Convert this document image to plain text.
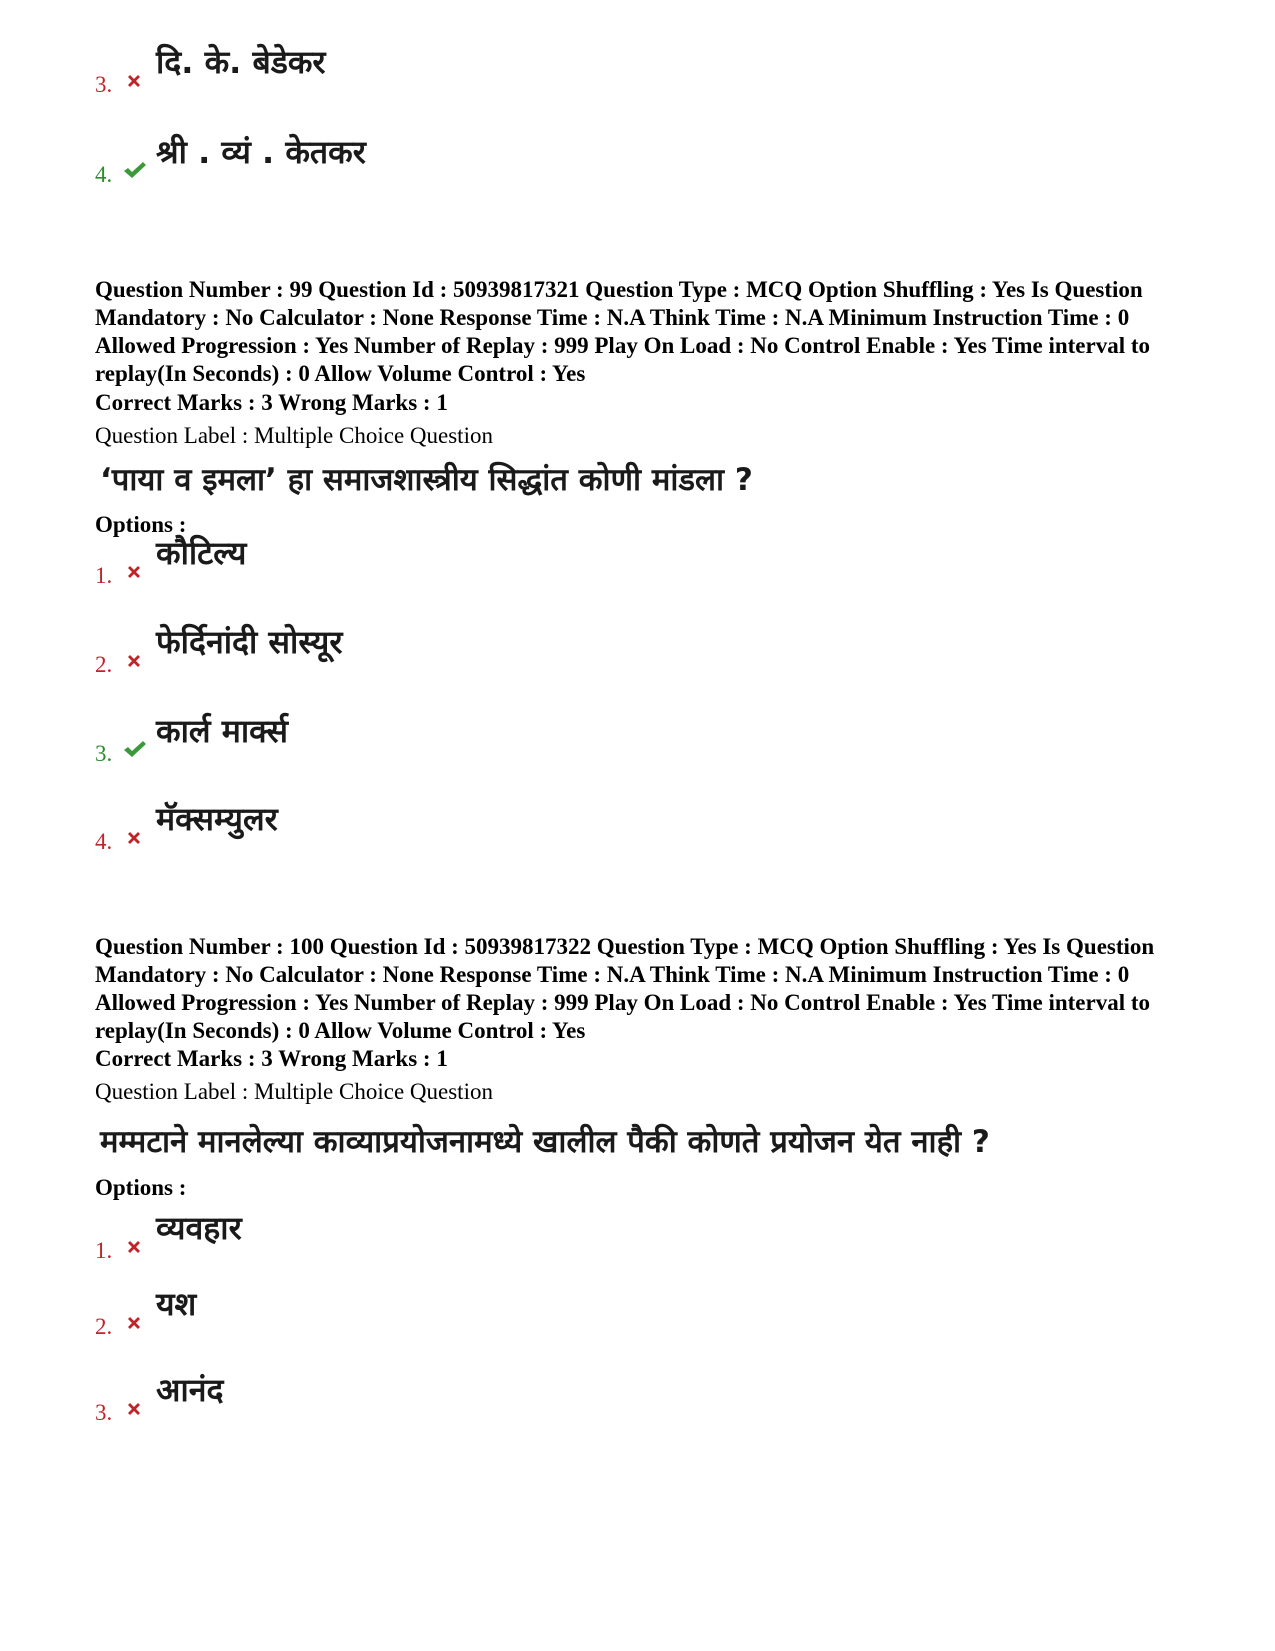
3.
दि. के. बेडेकर
4.
श्री . व्यं . केतकर
Question Number : 99 Question Id : 50939817321 Question Type : MCQ Option Shuffling : Yes Is Question Mandatory : No Calculator : None Response Time : N.A Think Time : N.A Minimum Instruction Time : 0 Allowed Progression : Yes Number of Replay : 999 Play On Load : No Control Enable : Yes Time interval to replay(In Seconds) : 0 Allow Volume Control : Yes
Correct Marks : 3 Wrong Marks : 1
Question Label : Multiple Choice Question
‘पाया व इमला’ हा समाजशास्त्रीय सिद्धांत कोणी मांडला ?
Options :
1.
कौटिल्य
2.
फेर्दिनांदी सोस्यूर
3.
कार्ल मार्क्स
4.
मॅक्सम्युलर
Question Number : 100 Question Id : 50939817322 Question Type : MCQ Option Shuffling : Yes Is Question Mandatory : No Calculator : None Response Time : N.A Think Time : N.A Minimum Instruction Time : 0 Allowed Progression : Yes Number of Replay : 999 Play On Load : No Control Enable : Yes Time interval to replay(In Seconds) : 0 Allow Volume Control : Yes
Correct Marks : 3 Wrong Marks : 1
Question Label : Multiple Choice Question
मम्मटाने मानलेल्या काव्याप्रयोजनामध्ये खालील पैकी कोणते प्रयोजन येत नाही ?
Options :
1.
व्यवहार
2.
यश
3.
आनंद
